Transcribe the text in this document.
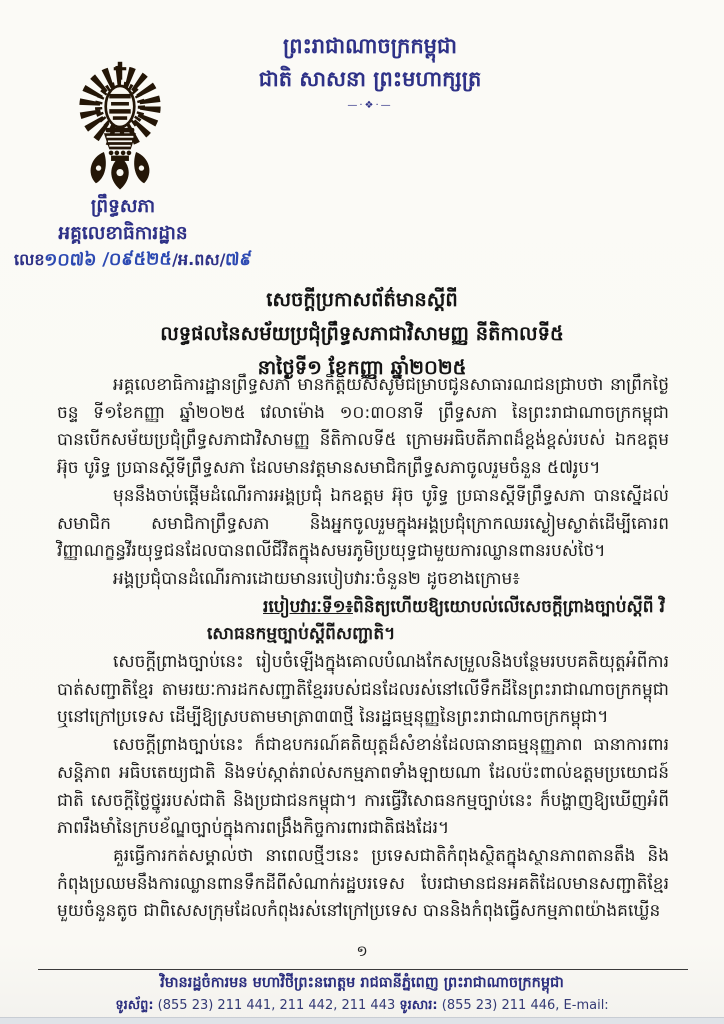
ព្រះរាជាណាចក្រកម្ពុជា
ជាតិ សាសនា ព្រះមហាក្សត្រ
—·❖·—
ព្រឹទ្ធសភា
អគ្គលេខាធិការដ្ឋាន
លេខ១០៧៦ /០៩៥២៥/អ.ពស/៧៩
សេចក្តីប្រកាសព័ត៌មានស្តីពី
លទ្ធផលនៃសម័យប្រជុំព្រឹទ្ធសភាជាវិសាមញ្ញ នីតិកាលទី៥
នាថ្ងៃទី១ ខែកញ្ញា ឆ្នាំ២០២៥

អគ្គលេខាធិការដ្ឋានព្រឹទ្ធសភា មានកិត្តិយសសូមជម្រាបជូនសាធារណជនជ្រាបថា នាព្រឹកថ្ងៃចន្ទ ទី១ខែកញ្ញា ឆ្នាំ២០២៥ វេលាម៉ោង ១០:៣០នាទី ព្រឹទ្ធសភា នៃព្រះរាជាណាចក្រកម្ពុជា បានបើកសម័យប្រជុំព្រឹទ្ធសភាជាវិសាមញ្ញ នីតិកាលទី៥ ក្រោមអធិបតីភាពដ៏ខ្ពង់ខ្ពស់របស់ ឯកឧត្តម អ៊ុច បូរិទ្ធ ប្រធានស្តីទីព្រឹទ្ធសភា ដែលមានវត្តមានសមាជិកព្រឹទ្ធសភាចូលរួមចំនួន ៥៧រូប។

មុននឹងចាប់ផ្តើមដំណើរការអង្គប្រជុំ ឯកឧត្តម អ៊ុច បូរិទ្ធ ប្រធានស្តីទីព្រឹទ្ធសភា បានស្នើដល់សមាជិក សមាជិកាព្រឹទ្ធសភា និងអ្នកចូលរួមក្នុងអង្គប្រជុំក្រោកឈរស្ងៀមស្ងាត់ដើម្បីគោរពវិញ្ញាណក្ខន្ធវីរយុទ្ធជនដែលបានពលីជីវិតក្នុងសមរភូមិប្រយុទ្ធជាមួយការឈ្លានពានរបស់ថៃ។

អង្គប្រជុំបានដំណើរការដោយមានរបៀបវារៈចំនួន២ ដូចខាងក្រោម៖

របៀបវារៈទី១៖ពិនិត្យហើយឱ្យយោបល់លើសេចក្តីព្រាងច្បាប់ស្តីពី វិសោធនកម្មច្បាប់ស្តីពីសញ្ជាតិ។

សេចក្តីព្រាងច្បាប់នេះ រៀបចំឡើងក្នុងគោលបំណងកែសម្រួលនិងបន្ថែមរបបគតិយុត្តអំពីការបាត់សញ្ជាតិខ្មែរ តាមរយៈការដកសញ្ជាតិខ្មែររបស់ជនដែលរស់នៅលើទឹកដីនៃព្រះរាជាណាចក្រកម្ពុជា ឬនៅក្រៅប្រទេស ដើម្បីឱ្យស្របតាមមាត្រា៣៣ថ្មី នៃរដ្ឋធម្មនុញ្ញនៃព្រះរាជាណាចក្រកម្ពុជា។

សេចក្តីព្រាងច្បាប់នេះ ក៏ជាឧបករណ៍គតិយុត្តដ៏សំខាន់ដែលធានាធម្មនុញ្ញភាព ធានាការពារសន្តិភាព អធិបតេយ្យជាតិ និងទប់ស្កាត់រាល់សកម្មភាពទាំងឡាយណា ដែលប៉ះពាល់ឧត្តមប្រយោជន៍ជាតិ សេចក្តីថ្លៃថ្នូររបស់ជាតិ និងប្រជាជនកម្ពុជា។ ការធ្វើវិសោធនកម្មច្បាប់នេះ ក៏បង្ហាញឱ្យឃើញអំពីភាពរឹងមាំនៃក្របខ័ណ្ឌច្បាប់ក្នុងការពង្រឹងកិច្ចការពារជាតិផងដែរ។

គួរធ្វើការកត់សម្គាល់ថា នាពេលថ្មីៗនេះ ប្រទេសជាតិកំពុងស្ថិតក្នុងស្ថានភាពតានតឹង និងកំពុងប្រឈមនឹងការឈ្លានពានទឹកដីពីសំណាក់រដ្ឋបរទេស បែរជាមានជនអគតិដែលមានសញ្ជាតិខ្មែរមួយចំនួនតូច ជាពិសេសក្រុមដែលកំពុងរស់នៅក្រៅប្រទេស បាននិងកំពុងធ្វើសកម្មភាពយ៉ាងគឃ្លើន

១
វិមានរដ្ឋចំការមន មហាវិថីព្រះនរោត្តម រាជធានីភ្នំពេញ ព្រះរាជាណាចក្រកម្ពុជា
ទូរស័ព្ទ: (855 23) 211 441, 211 442, 211 443 ទូរសារ: (855 23) 211 446, E-mail:
